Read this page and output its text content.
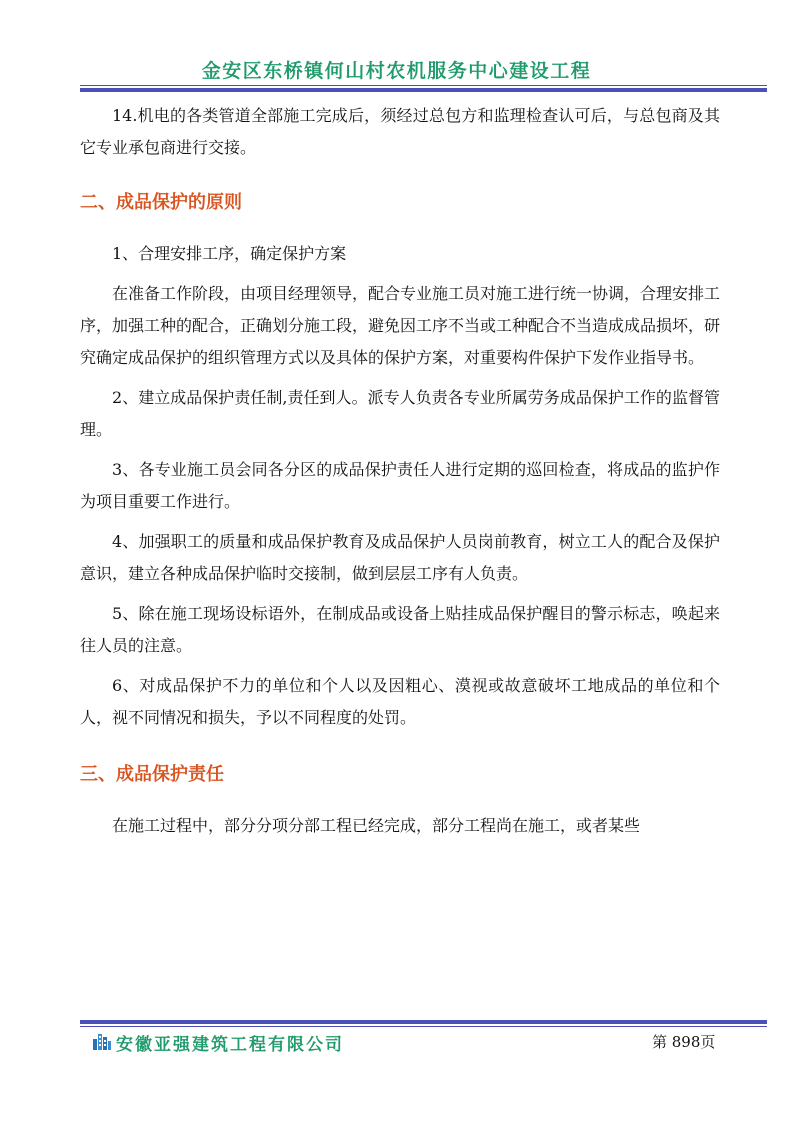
金安区东桥镇何山村农机服务中心建设工程

14.机电的各类管道全部施工完成后，须经过总包方和监理检查认可后，与总包商及其它专业承包商进行交接。

二、成品保护的原则

1、合理安排工序，确定保护方案

在准备工作阶段，由项目经理领导，配合专业施工员对施工进行统一协调，合理安排工序，加强工种的配合，正确划分施工段，避免因工序不当或工种配合不当造成成品损坏，研究确定成品保护的组织管理方式以及具体的保护方案，对重要构件保护下发作业指导书。

2、建立成品保护责任制,责任到人。派专人负责各专业所属劳务成品保护工作的监督管理。

3、各专业施工员会同各分区的成品保护责任人进行定期的巡回检查，将成品的监护作为项目重要工作进行。

4、加强职工的质量和成品保护教育及成品保护人员岗前教育，树立工人的配合及保护意识，建立各种成品保护临时交接制，做到层层工序有人负责。

5、除在施工现场设标语外，在制成品或设备上贴挂成品保护醒目的警示标志，唤起来往人员的注意。

6、对成品保护不力的单位和个人以及因粗心、漠视或故意破坏工地成品的单位和个人，视不同情况和损失，予以不同程度的处罚。

三、成品保护责任

在施工过程中，部分分项分部工程已经完成，部分工程尚在施工，或者某些

安徽亚强建筑工程有限公司	第 898页
